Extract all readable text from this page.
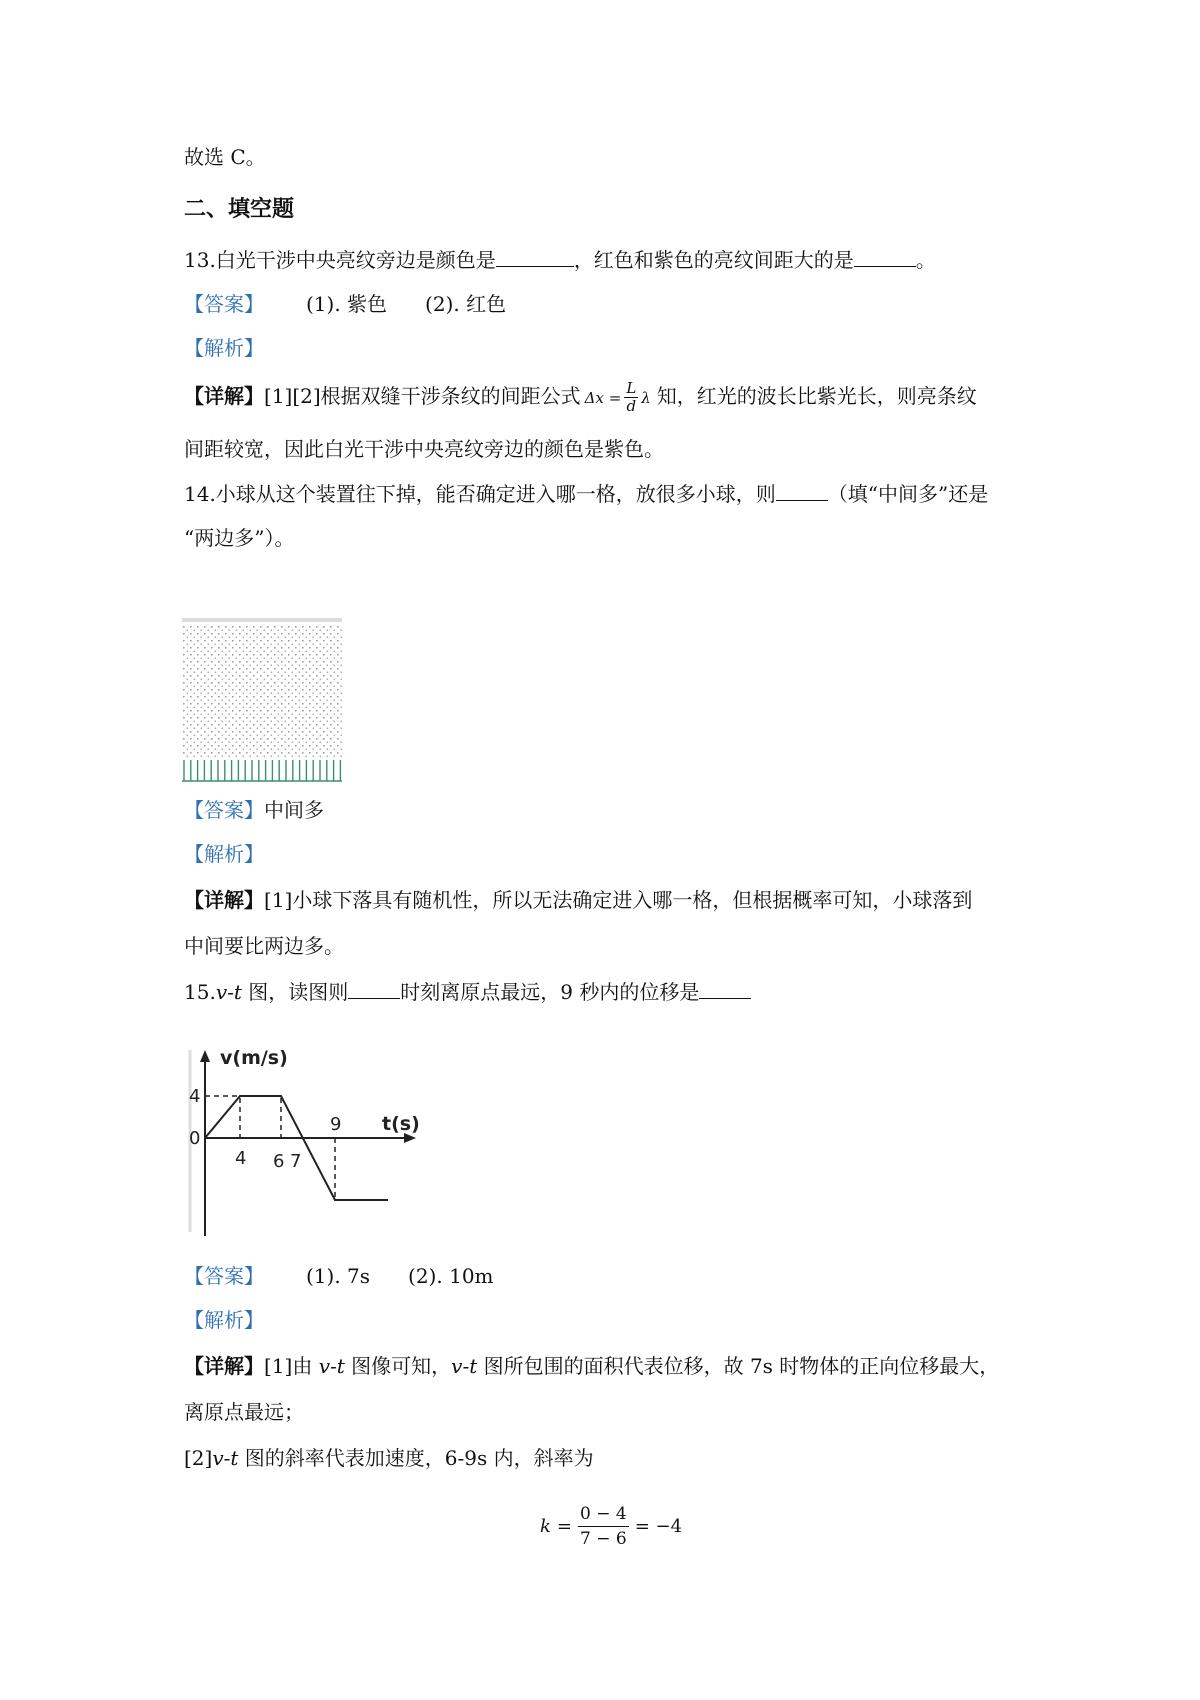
故选 C。
二、填空题
13.白光干涉中央亮纹旁边是颜色是	，红色和紫色的亮纹间距大的是	。
【答案】 (1). 紫色 (2). 红色
【解析】
【详解】[1][2]根据双缝干涉条纹的间距公式 $\Delta x = \frac{L}{d}$ λ 知，红光的波长比紫光长，则亮条纹
间距较宽，因此白光干涉中央亮纹旁边的颜色是紫色。
14.小球从这个装置往下掉，能否确定进入哪一格，放很多小球，则	（填“中间多”还是
“两边多”）。
【答案】中间多
【解析】
【详解】[1]小球下落具有随机性，所以无法确定进入哪一格，但根据概率可知，小球落到
中间要比两边多。
15.v-t 图，读图则	时刻离原点最远，9 秒内的位移是
v(m/s)
t(s)
4
0
4 6 7
9
【答案】 (1). 7s (2). 10m
【解析】
【详解】[1]由 v-t 图像可知，v-t 图所包围的面积代表位移，故 7s 时物体的正向位移最大，
离原点最远；
[2]v-t 图的斜率代表加速度，6-9s 内，斜率为
$k = \frac{0 - 4}{7 - 6} = -4$
